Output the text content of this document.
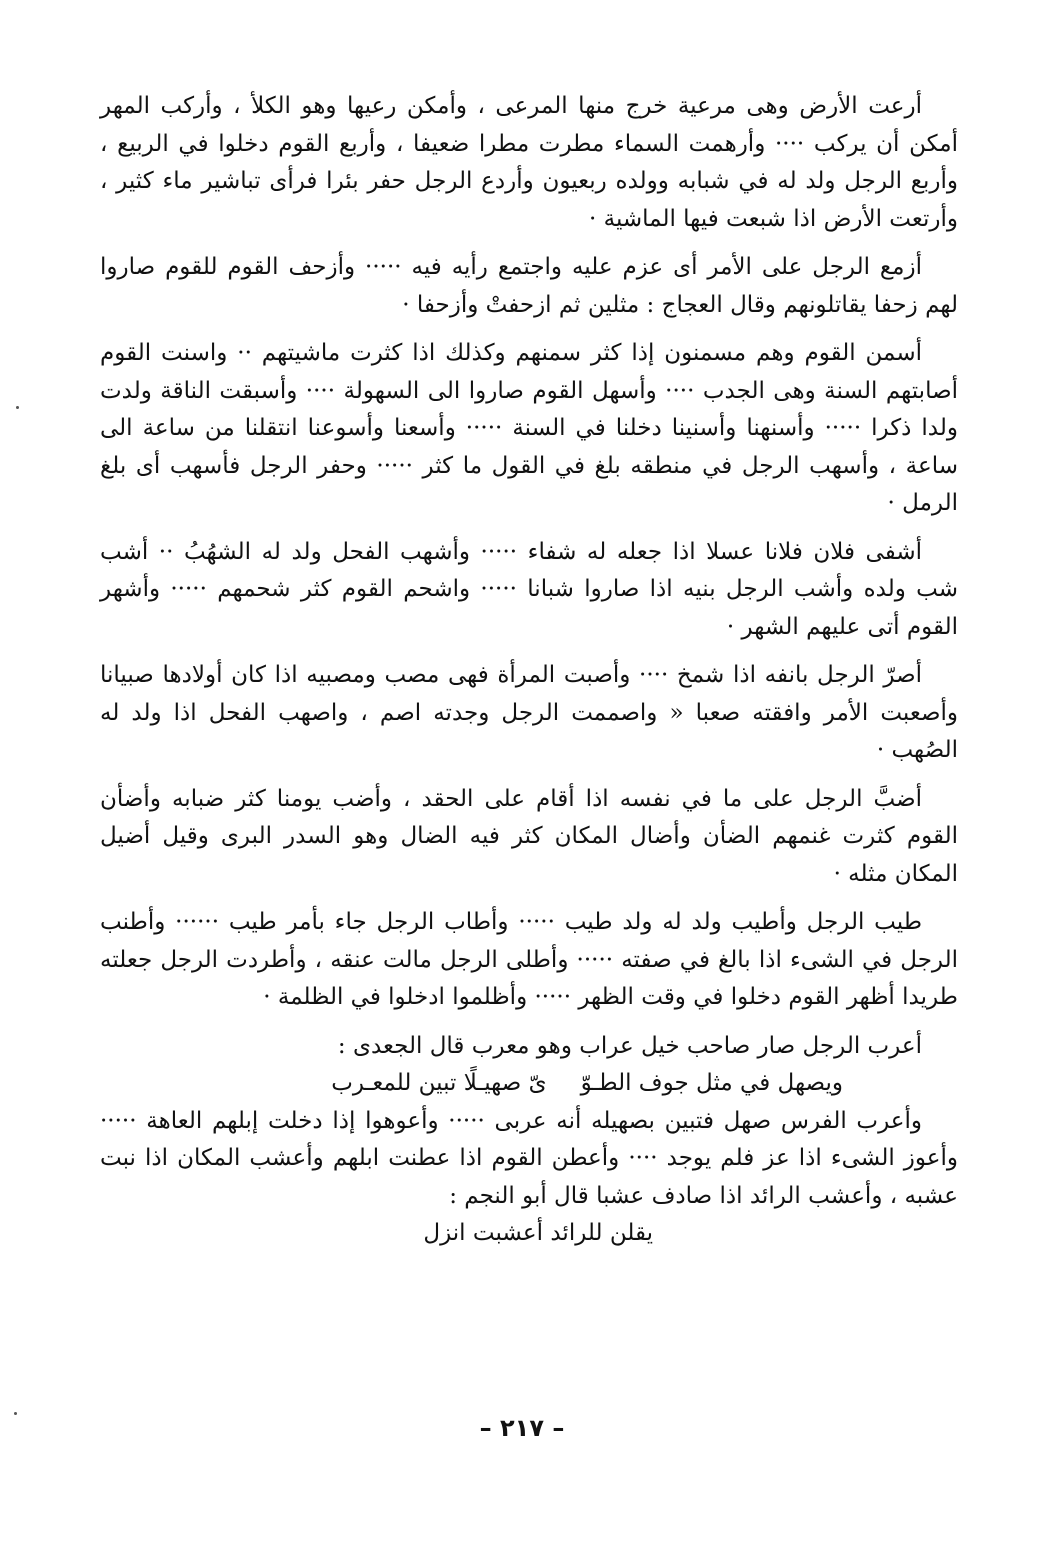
أرعت الأرض وهى مرعية خرج منها المرعى ، وأمكن رعيها وهو الكلأ ، وأركب المهر أمكن أن يركب ···· وأرهمت السماء مطرت مطرا ضعيفا ، وأربع القوم دخلوا في الربيع ، وأربع الرجل ولد له في شبابه وولده ربعيون وأردع الرجل حفر بئرا فرأى تباشير ماء كثير ، وأرتعت الأرض اذا شبعت فيها الماشية ·

أزمع الرجل على الأمر أى عزم عليه واجتمع رأيه فيه ····· وأزحف القوم للقوم صاروا لهم زحفا يقاتلونهم وقال العجاج : مثلين ثم ازحفتْ وأزحفا ·

أسمن القوم وهم مسمنون إذا كثر سمنهم وكذلك اذا كثرت ماشيتهم ·· واسنت القوم أصابتهم السنة وهى الجدب ···· وأسهل القوم صاروا الى السهولة ···· وأسبقت الناقة ولدت ولدا ذكرا ····· وأسنهنا وأسنينا دخلنا في السنة ····· وأسعنا وأسوعنا انتقلنا من ساعة الى ساعة ، وأسهب الرجل في منطقه بلغ في القول ما كثر ····· وحفر الرجل فأسهب أى بلغ الرمل ·

أشفى فلان فلانا عسلا اذا جعله له شفاء ····· وأشهب الفحل ولد له الشهُبُ ·· أشب شب ولده وأشب الرجل بنيه اذا صاروا شبانا ····· واشحم القوم كثر شحمهم ····· وأشهر القوم أتى عليهم الشهر ·

أصرّ الرجل بانفه اذا شمخ ···· وأصبت المرأة فهى مصب ومصبيه اذا كان أولادها صبيانا وأصعبت الأمر وافقته صعبا « واصممت الرجل وجدته اصم ، واصهب الفحل اذا ولد له الصُهب ·

أضبَّ الرجل على ما في نفسه اذا أقام على الحقد ، وأضب يومنا كثر ضبابه وأضأن القوم كثرت غنمهم الضأن وأضال المكان كثر فيه الضال وهو السدر البرى وقيل أضيل المكان مثله ·

طيب الرجل وأطيب ولد له ولد طيب ····· وأطاب الرجل جاء بأمر طيب ······ وأطنب الرجل في الشىء اذا بالغ في صفته ····· وأطلى الرجل مالت عنقه ، وأطردت الرجل جعلته طريدا أظهر القوم دخلوا في وقت الظهر ····· وأظلموا ادخلوا في الظلمة ·

أعرب الرجل صار صاحب خيل عراب وهو معرب قال الجعدى :

ويصهل في مثل جوف الطـوّىّ صهيـلًا تبين للمعـرب

وأعرب الفرس صهل فتبين بصهيله أنه عربى ····· وأعوهوا إذا دخلت إبلهم العاهة ····· وأعوز الشىء اذا عز فلم يوجد ···· وأعطن القوم اذا عطنت ابلهم وأعشب المكان اذا نبت عشبه ، وأعشب الرائد اذا صادف عشبا قال أبو النجم :

يقلن للرائد أعشبت انزل

– ٢١٧ –
